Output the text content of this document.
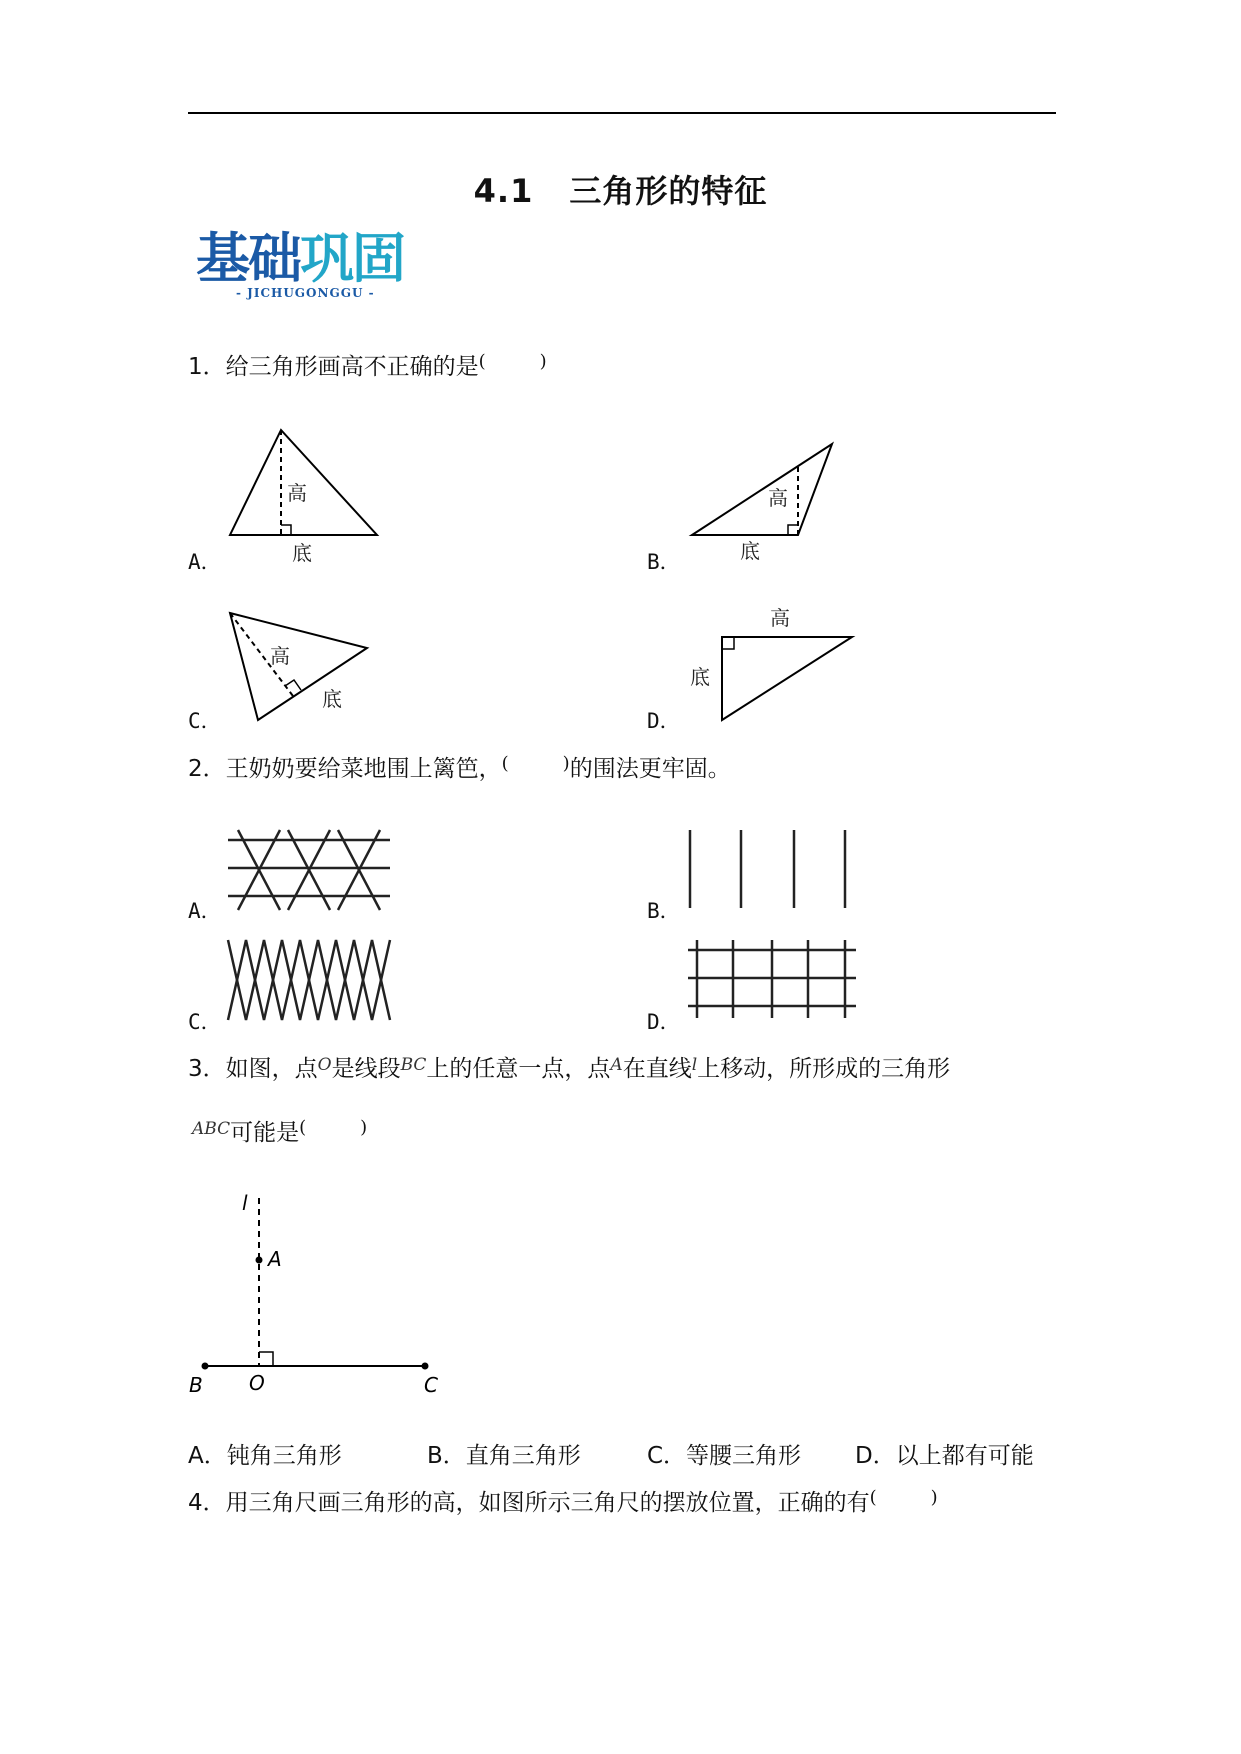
4.1 三角形的特征
基础巩固
- JICHUGONGGU -
1．给三角形画高不正确的是(	)
A．	B．
C．	D．
高
底
高
底
高
底
高
底
2．王奶奶要给菜地围上篱笆，(	)的围法更牢固。
A．	B．
C．	D．
3．如图，点O是线段BC上的任意一点，点A在直线l上移动，所形成的三角形
ABC可能是(	)
l
A
B O	C
A．钝角三角形	B．直角三角形	C．等腰三角形 D．以上都有可能
4．用三角尺画三角形的高，如图所示三角尺的摆放位置，正确的有(	)
